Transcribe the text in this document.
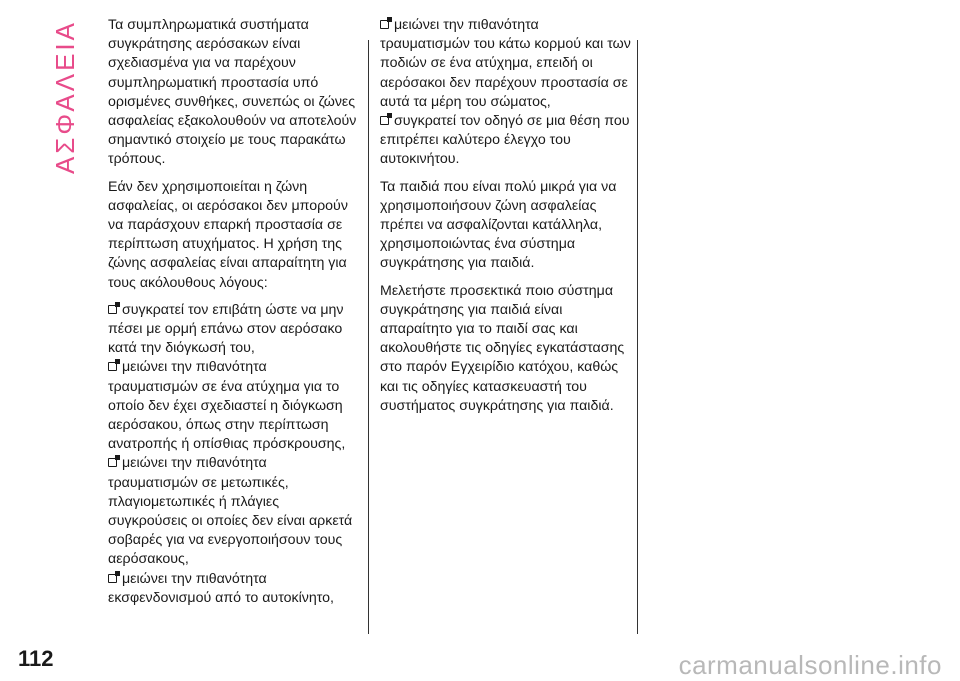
ΑΣΦΑΛΕΙΑ Τα συμπληρωματικά συστήματα συγκράτησης αερόσακων είναι σχεδιασμένα για να παρέχουν συμπληρωματική προστασία υπό ορισμένες συνθήκες, συνεπώς οι ζώνες ασφαλείας εξακολουθούν να αποτελούν σημαντικό στοιχείο με τους παρακάτω τρόπους.

Εάν δεν χρησιμοποιείται η ζώνη ασφαλείας, οι αερόσακοι δεν μπορούν να παράσχουν επαρκή προστασία σε περίπτωση ατυχήματος. Η χρήση της ζώνης ασφαλείας είναι απαραίτητη για τους ακόλουθους λόγους:

συγκρατεί τον επιβάτη ώστε να μην πέσει με ορμή επάνω στον αερόσακο κατά την διόγκωσή του,
μειώνει την πιθανότητα τραυματισμών σε ένα ατύχημα για το οποίο δεν έχει σχεδιαστεί η διόγκωση αερόσακου, όπως στην περίπτωση ανατροπής ή οπίσθιας πρόσκρουσης,
μειώνει την πιθανότητα τραυματισμών σε μετωπικές, πλαγιομετωπικές ή πλάγιες συγκρούσεις οι οποίες δεν είναι αρκετά σοβαρές για να ενεργοποιήσουν τους αερόσακους,
μειώνει την πιθανότητα εκσφενδονισμού από το αυτοκίνητο,
μειώνει την πιθανότητα τραυματισμών του κάτω κορμού και των ποδιών σε ένα ατύχημα, επειδή οι αερόσακοι δεν παρέχουν προστασία σε αυτά τα μέρη του σώματος,
συγκρατεί τον οδηγό σε μια θέση που επιτρέπει καλύτερο έλεγχο του αυτοκινήτου.

Τα παιδιά που είναι πολύ μικρά για να χρησιμοποιήσουν ζώνη ασφαλείας πρέπει να ασφαλίζονται κατάλληλα, χρησιμοποιώντας ένα σύστημα συγκράτησης για παιδιά.

Μελετήστε προσεκτικά ποιο σύστημα συγκράτησης για παιδιά είναι απαραίτητο για το παιδί σας και ακολουθήστε τις οδηγίες εγκατάστασης στο παρόν Εγχειρίδιο κατόχου, καθώς και τις οδηγίες κατασκευαστή του συστήματος συγκράτησης για παιδιά.

112	carmanualsonline.info
